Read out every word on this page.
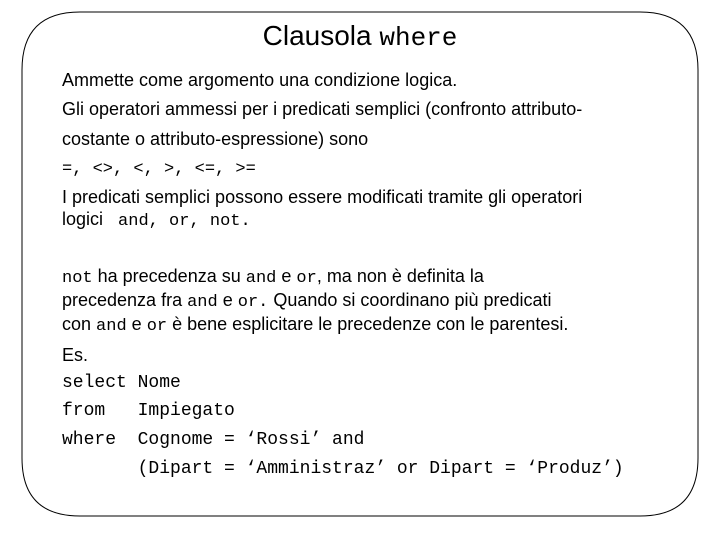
Clausola where
Ammette come argomento una condizione logica.
Gli operatori ammessi per i predicati semplici (confronto attributo-
costante o attributo-espressione) sono
=, <>, <, >, <=, >=
I predicati semplici possono essere modificati tramite gli operatori
logici and, or, not.
not ha precedenza su and e or, ma non è definita la
precedenza fra and e or. Quando si coordinano più predicati
con and e or è bene esplicitare le precedenze con le parentesi.
Es.
select Nome
from   Impiegato
where  Cognome = ‘Rossi’ and
(Dipart = ‘Amministraz’ or Dipart = ‘Produz’)
